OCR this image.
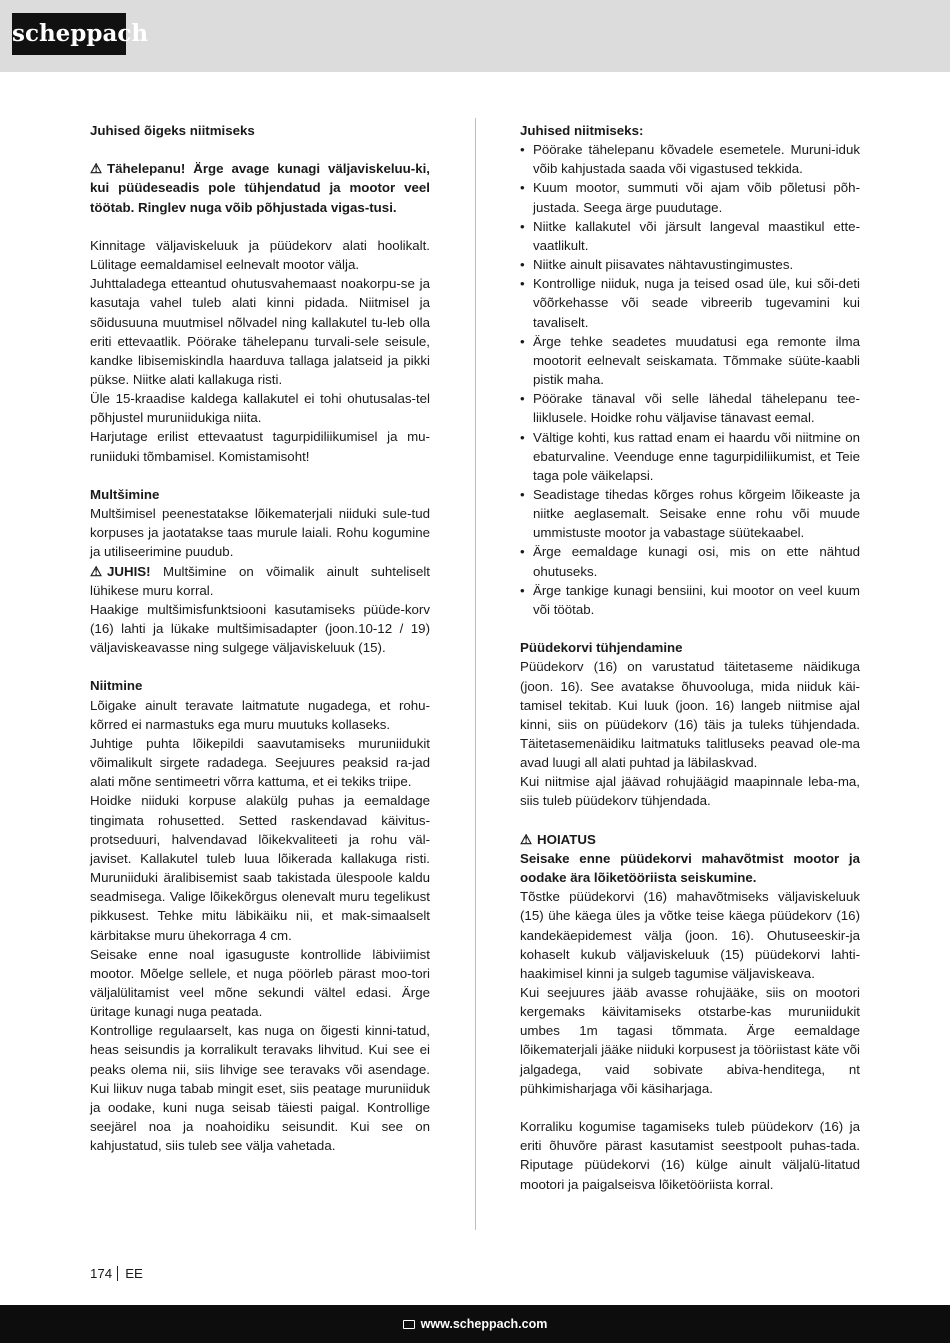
scheppach

Juhised õigeks niitmiseks

⚠ Tähelepanu! Ärge avage kunagi väljaviskeluu-ki, kui püüdeseadis pole tühjendatud ja mootor veel töötab. Ringlev nuga võib põhjustada vigas-tusi.

Kinnitage väljaviskeluuk ja püüdekorv alati hoolikalt. Lülitage eemaldamisel eelnevalt mootor välja.

Juhttaladega etteantud ohutusvahemaast noakorpu-se ja kasutaja vahel tuleb alati kinni pidada. Niitmisel ja sõidusuuna muutmisel nõlvadel ning kallakutel tu-leb olla eriti ettevaatlik. Pöörake tähelepanu turvali-sele seisule, kandke libisemiskindla haarduva tallaga jalatseid ja pikki pükse. Niitke alati kallakuga risti.

Üle 15-kraadise kaldega kallakutel ei tohi ohutusalas-tel põhjustel muruniidukiga niita.

Harjutage erilist ettevaatust tagurpidiliikumisel ja mu-runiiduki tõmbamisel. Komistamisoht!

Multšimine

Multšimisel peenestatakse lõikematerjali niiduki sule-tud korpuses ja jaotatakse taas murule laiali. Rohu kogumine ja utiliseerimine puudub.

⚠ JUHIS! Multšimine on võimalik ainult suhteliselt lühikese muru korral.

Haakige multšimisfunktsiooni kasutamiseks püüde-korv (16) lahti ja lükake multšimisadapter (joon.10-12 / 19) väljaviskeavasse ning sulgege väljaviskeluuk (15).

Niitmine

Lõigake ainult teravate laitmatute nugadega, et rohu-kõrred ei narmastuks ega muru muutuks kollaseks.

Juhtige puhta lõikepildi saavutamiseks muruniidukit võimalikult sirgete radadega. Seejuures peaksid ra-jad alati mõne sentimeetri võrra kattuma, et ei tekiks triipe.

Hoidke niiduki korpuse alakülg puhas ja eemaldage tingimata rohusetted. Setted raskendavad käivitus-protseduuri, halvendavad lõikekvaliteeti ja rohu väl-javiset. Kallakutel tuleb luua lõikerada kallakuga risti. Muruniiduki äralibisemist saab takistada ülespoole kaldu seadmisega. Valige lõikekõrgus olenevalt muru tegelikust pikkusest. Tehke mitu läbikäiku nii, et mak-simaalselt kärbitakse muru ühekorraga 4 cm.

Seisake enne noal igasuguste kontrollide läbiviimist mootor. Mõelge sellele, et nuga pöörleb pärast moo-tori väljalülitamist veel mõne sekundi vältel edasi. Ärge üritage kunagi nuga peatada.

Kontrollige regulaarselt, kas nuga on õigesti kinni-tatud, heas seisundis ja korralikult teravaks lihvitud. Kui see ei peaks olema nii, siis lihvige see teravaks või asendage. Kui liikuv nuga tabab mingit eset, siis peatage muruniiduk ja oodake, kuni nuga seisab täiesti paigal. Kontrollige seejärel noa ja noahoidiku seisundit. Kui see on kahjustatud, siis tuleb see välja vahetada.

Juhised niitmiseks:

• Pöörake tähelepanu kõvadele esemetele. Muruni-iduk võib kahjustada saada või vigastused tekkida.
• Kuum mootor, summuti või ajam võib põletusi põh-justada. Seega ärge puudutage.
• Niitke kallakutel või järsult langeval maastikul ette-vaatlikult.
• Niitke ainult piisavates nähtavustingimustes.
• Kontrollige niiduk, nuga ja teised osad üle, kui sõi-deti võõrkehasse või seade vibreerib tugevamini kui tavaliselt.
• Ärge tehke seadetes muudatusi ega remonte ilma mootorit eelnevalt seiskamata. Tõmmake süüte-kaabli pistik maha.
• Pöörake tänaval või selle lähedal tähelepanu tee-liiklusele. Hoidke rohu väljavise tänavast eemal.
• Vältige kohti, kus rattad enam ei haardu või niitmine on ebaturvaline. Veenduge enne tagurpidiliikumist, et Teie taga pole väikelapsi.
• Seadistage tihedas kõrges rohus kõrgeim lõikeaste ja niitke aeglasemalt. Seisake enne rohu või muude ummistuste mootor ja vabastage süütekaabel.
• Ärge eemaldage kunagi osi, mis on ette nähtud ohutuseks.
• Ärge tankige kunagi bensiini, kui mootor on veel kuum või töötab.

Püüdekorvi tühjendamine

Püüdekorv (16) on varustatud täitetaseme näidikuga (joon. 16). See avatakse õhuvooluga, mida niiduk käi-tamisel tekitab. Kui luuk (joon. 16) langeb niitmise ajal kinni, siis on püüdekorv (16) täis ja tuleks tühjendada. Täitetasemenäidiku laitmatuks talitluseks peavad ole-ma avad luugi all alati puhtad ja läbilaskvad.

Kui niitmise ajal jäävad rohujäägid maapinnale leba-ma, siis tuleb püüdekorv tühjendada.

⚠ HOIATUS

Seisake enne püüdekorvi mahavõtmist mootor ja oodake ära lõiketööriista seiskumine.

Tõstke püüdekorvi (16) mahavõtmiseks väljaviskeluuk (15) ühe käega üles ja võtke teise käega püüdekorv (16) kandekäepidemest välja (joon. 16). Ohutuseeskir-ja kohaselt kukub väljaviskeluuk (15) püüdekorvi lahti-haakimisel kinni ja sulgeb tagumise väljaviskeava.

Kui seejuures jääb avasse rohujääke, siis on mootori kergemaks käivitamiseks otstarbe-kas muruniidukit umbes 1m tagasi tõmmata. Ärge eemaldage lõikematerjali jääke niiduki korpusest ja tööriistast käte või jalgadega, vaid sobivate abiva-henditega, nt pühkimisharjaga või käsiharjaga.

Korraliku kogumise tagamiseks tuleb püüdekorv (16) ja eriti õhuvõre pärast kasutamist seestpoolt puhas-tada. Riputage püüdekorvi (16) külge ainult väljalü-litatud mootori ja paigalseisva lõiketööriista korral.

174 EE
www.scheppach.com
